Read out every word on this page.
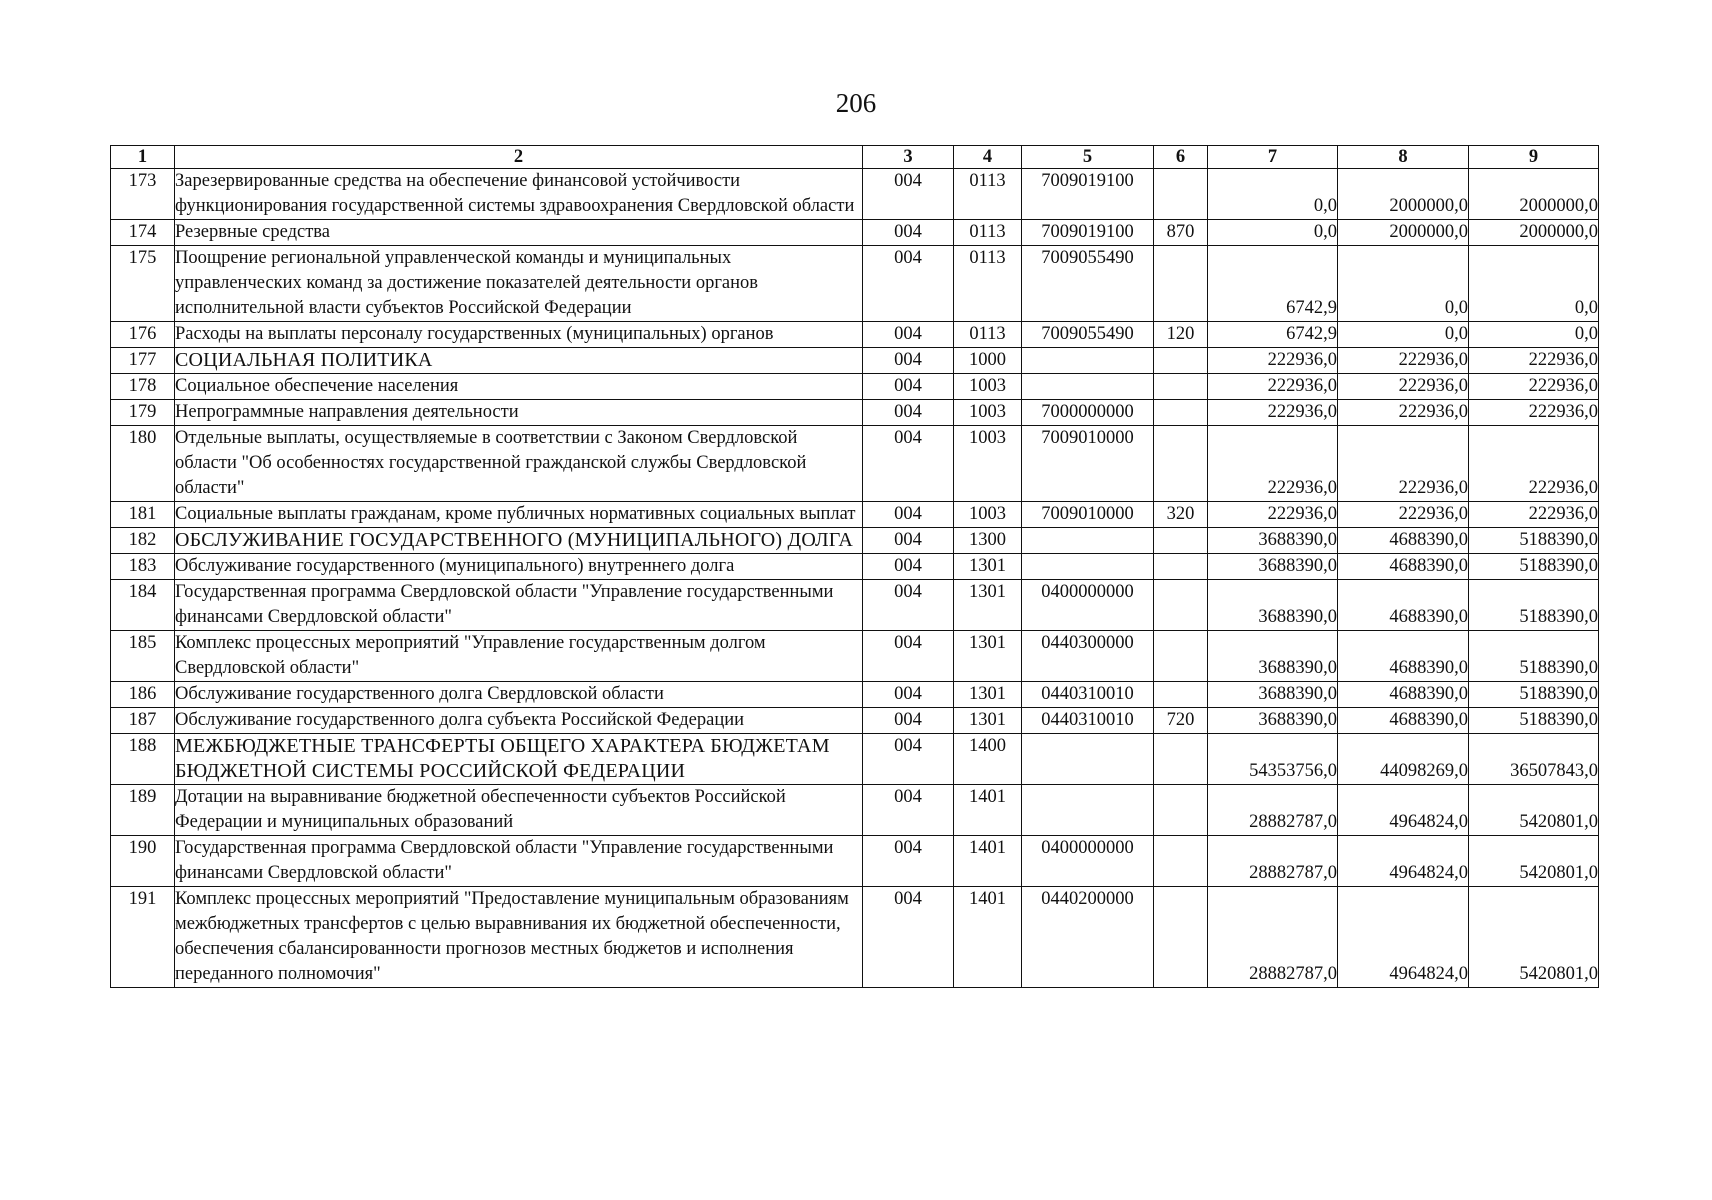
206
1	2	3	4	5	6	7	8	9
173	Зарезервированные средства на обеспечение финансовой устойчивости функционирования государственной системы здравоохранения Свердловской области	004	0113	7009019100		0,0	2000000,0	2000000,0
174	Резервные средства	004	0113	7009019100	870	0,0	2000000,0	2000000,0
175	Поощрение региональной управленческой команды и муниципальных управленческих команд за достижение показателей деятельности органов исполнительной власти субъектов Российской Федерации	004	0113	7009055490		6742,9	0,0	0,0
176	Расходы на выплаты персоналу государственных (муниципальных) органов	004	0113	7009055490	120	6742,9	0,0	0,0
177	СОЦИАЛЬНАЯ ПОЛИТИКА	004	1000			222936,0	222936,0	222936,0
178	Социальное обеспечение населения	004	1003			222936,0	222936,0	222936,0
179	Непрограммные направления деятельности	004	1003	7000000000		222936,0	222936,0	222936,0
180	Отдельные выплаты, осуществляемые в соответствии с Законом Свердловской области "Об особенностях государственной гражданской службы Свердловской области"	004	1003	7009010000		222936,0	222936,0	222936,0
181	Социальные выплаты гражданам, кроме публичных нормативных социальных выплат	004	1003	7009010000	320	222936,0	222936,0	222936,0
182	ОБСЛУЖИВАНИЕ ГОСУДАРСТВЕННОГО (МУНИЦИПАЛЬНОГО) ДОЛГА	004	1300			3688390,0	4688390,0	5188390,0
183	Обслуживание государственного (муниципального) внутреннего долга	004	1301			3688390,0	4688390,0	5188390,0
184	Государственная программа Свердловской области "Управление государственными финансами Свердловской области"	004	1301	0400000000		3688390,0	4688390,0	5188390,0
185	Комплекс процессных мероприятий "Управление государственным долгом Свердловской области"	004	1301	0440300000		3688390,0	4688390,0	5188390,0
186	Обслуживание государственного долга Свердловской области	004	1301	0440310010		3688390,0	4688390,0	5188390,0
187	Обслуживание государственного долга субъекта Российской Федерации	004	1301	0440310010	720	3688390,0	4688390,0	5188390,0
188	МЕЖБЮДЖЕТНЫЕ ТРАНСФЕРТЫ ОБЩЕГО ХАРАКТЕРА БЮДЖЕТАМ БЮДЖЕТНОЙ СИСТЕМЫ РОССИЙСКОЙ ФЕДЕРАЦИИ	004	1400			54353756,0	44098269,0	36507843,0
189	Дотации на выравнивание бюджетной обеспеченности субъектов Российской Федерации и муниципальных образований	004	1401			28882787,0	4964824,0	5420801,0
190	Государственная программа Свердловской области "Управление государственными финансами Свердловской области"	004	1401	0400000000		28882787,0	4964824,0	5420801,0
191	Комплекс процессных мероприятий "Предоставление муниципальным образованиям межбюджетных трансфертов с целью выравнивания их бюджетной обеспеченности, обеспечения сбалансированности прогнозов местных бюджетов и исполнения переданного полномочия"	004	1401	0440200000		28882787,0	4964824,0	5420801,0
